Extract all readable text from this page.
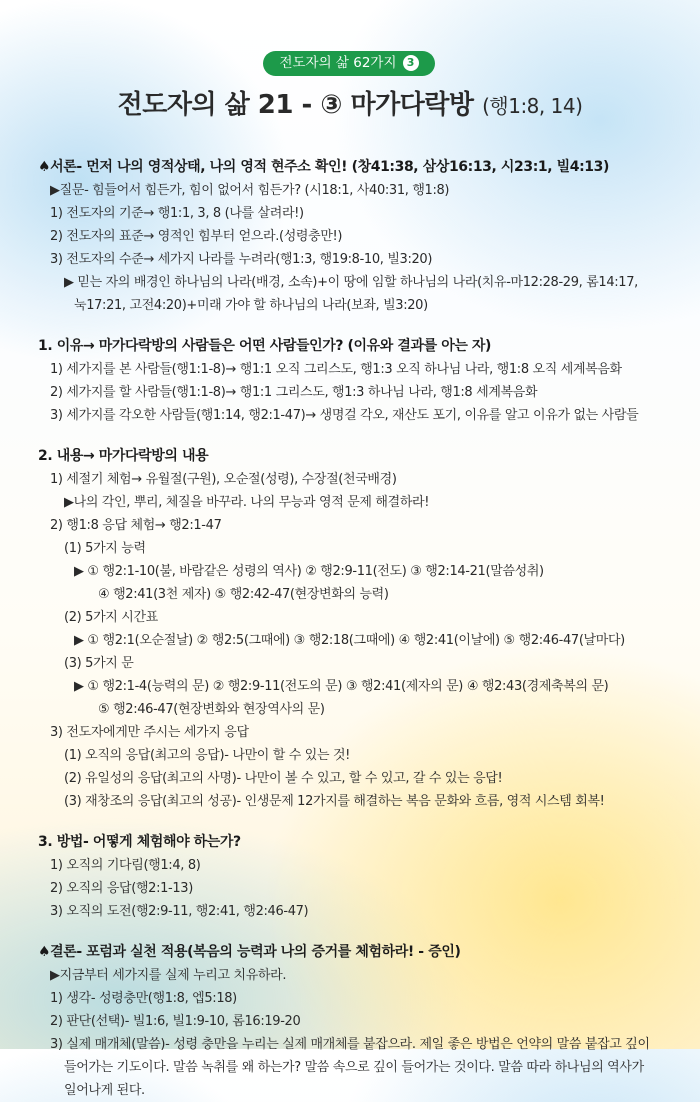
전도자의 삶 62가지 3
전도자의 삶 21 - ③ 마가다락방 (행1:8, 14)
♠서론- 먼저 나의 영적상태, 나의 영적 현주소 확인! (창41:38, 삼상16:13, 시23:1, 빌4:13)
▶질문- 힘들어서 힘든가, 힘이 없어서 힘든가? (시18:1, 사40:31, 행1:8)
1) 전도자의 기준→ 행1:1, 3, 8 (나를 살려라!)
2) 전도자의 표준→ 영적인 힘부터 얻으라.(성령충만!)
3) 전도자의 수준→ 세가지 나라를 누려라(행1:3, 행19:8-10, 빌3:20)
▶ 믿는 자의 배경인 하나님의 나라(배경, 소속)+이 땅에 임할 하나님의 나라(치유-마12:28-29, 롬14:17,
눅17:21, 고전4:20)+미래 가야 할 하나님의 나라(보좌, 빌3:20)
1. 이유→ 마가다락방의 사람들은 어떤 사람들인가? (이유와 결과를 아는 자)
1) 세가지를 본 사람들(행1:1-8)→ 행1:1 오직 그리스도, 행1:3 오직 하나님 나라, 행1:8 오직 세계복음화
2) 세가지를 할 사람들(행1:1-8)→ 행1:1 그리스도, 행1:3 하나님 나라, 행1:8 세계복음화
3) 세가지를 각오한 사람들(행1:14, 행2:1-47)→ 생명걸 각오, 재산도 포기, 이유를 알고 이유가 없는 사람들
2. 내용→ 마가다락방의 내용
1) 세절기 체험→ 유월절(구원), 오순절(성령), 수장절(천국배경)
▶나의 각인, 뿌리, 체질을 바꾸라. 나의 무능과 영적 문제 해결하라!
2) 행1:8 응답 체험→ 행2:1-47
(1) 5가지 능력
▶ ① 행2:1-10(불, 바람같은 성령의 역사) ② 행2:9-11(전도) ③ 행2:14-21(말씀성취)
④ 행2:41(3천 제자) ⑤ 행2:42-47(현장변화의 능력)
(2) 5가지 시간표
▶ ① 행2:1(오순절날) ② 행2:5(그때에) ③ 행2:18(그때에) ④ 행2:41(이날에) ⑤ 행2:46-47(날마다)
(3) 5가지 문
▶ ① 행2:1-4(능력의 문) ② 행2:9-11(전도의 문) ③ 행2:41(제자의 문) ④ 행2:43(경제축복의 문)
⑤ 행2:46-47(현장변화와 현장역사의 문)
3) 전도자에게만 주시는 세가지 응답
(1) 오직의 응답(최고의 응답)- 나만이 할 수 있는 것!
(2) 유일성의 응답(최고의 사명)- 나만이 볼 수 있고, 할 수 있고, 갈 수 있는 응답!
(3) 재창조의 응답(최고의 성공)- 인생문제 12가지를 해결하는 복음 문화와 흐름, 영적 시스템 회복!
3. 방법- 어떻게 체험해야 하는가?
1) 오직의 기다림(행1:4, 8)
2) 오직의 응답(행2:1-13)
3) 오직의 도전(행2:9-11, 행2:41, 행2:46-47)
♠결론- 포럼과 실천 적용(복음의 능력과 나의 증거를 체험하라! - 증인)
▶지금부터 세가지를 실제 누리고 치유하라.
1) 생각- 성령충만(행1:8, 엡5:18)
2) 판단(선택)- 빌1:6, 빌1:9-10, 롬16:19-20
3) 실제 매개체(말씀)- 성령 충만을 누리는 실제 매개체를 붙잡으라. 제일 좋은 방법은 언약의 말씀 붙잡고 깊이
들어가는 기도이다. 말씀 녹취를 왜 하는가? 말씀 속으로 깊이 들어가는 것이다. 말씀 따라 하나님의 역사가
일어나게 된다.
